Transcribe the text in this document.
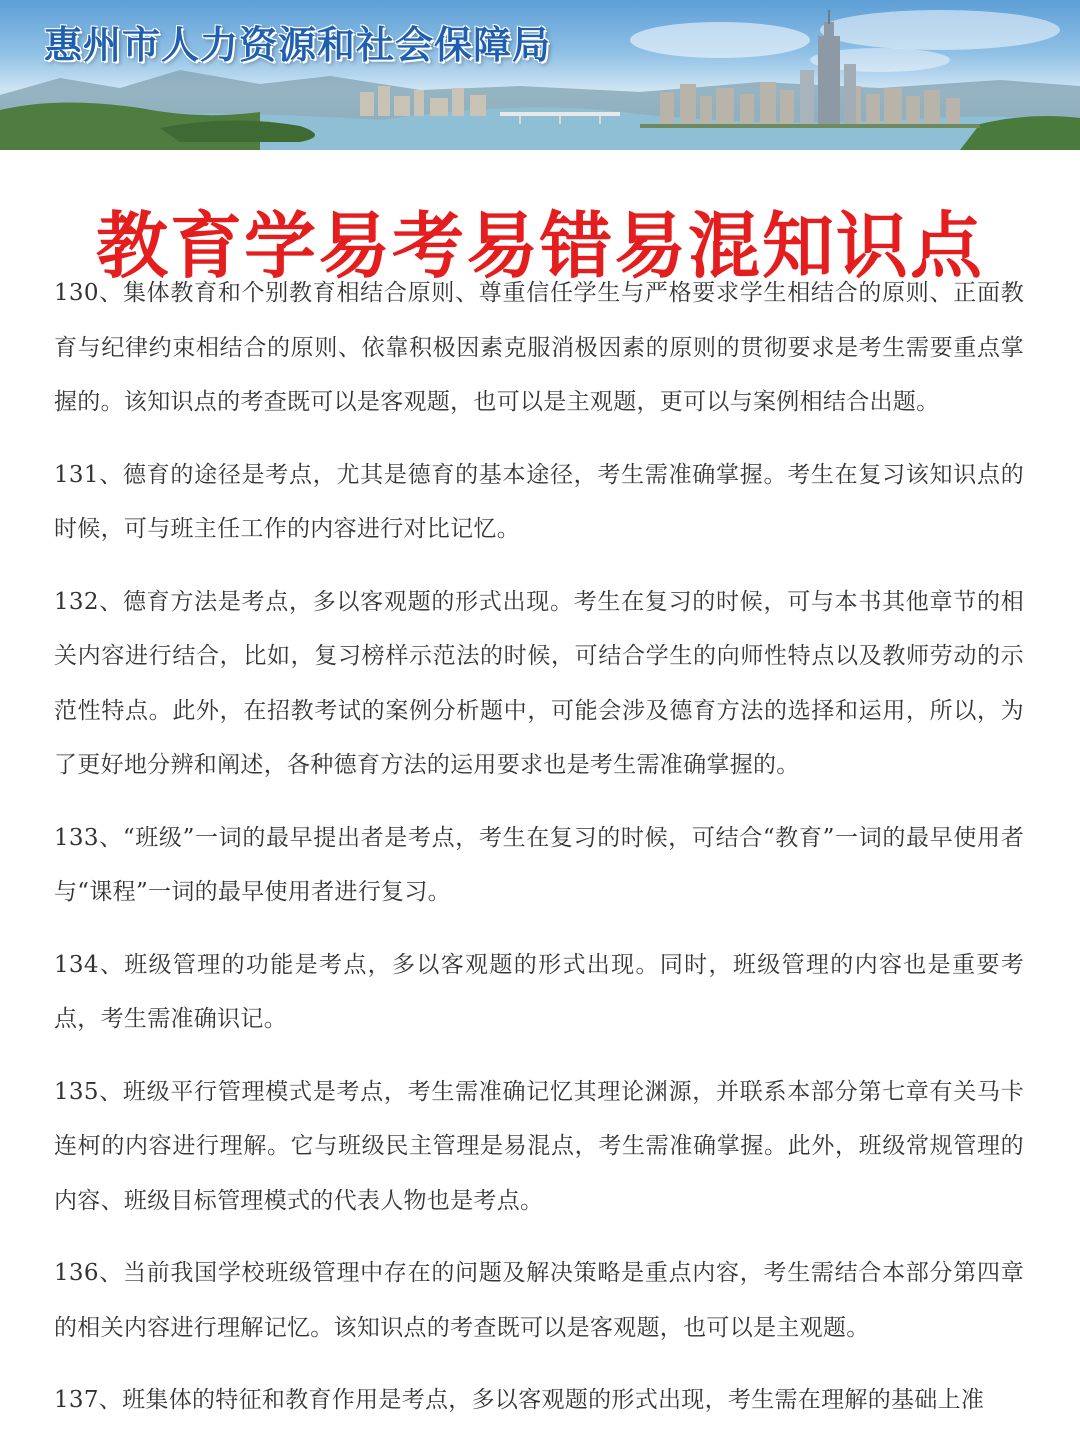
惠州市人力资源和社会保障局
教育学易考易错易混知识点

130、集体教育和个别教育相结合原则、尊重信任学生与严格要求学生相结合的原则、正面教育与纪律约束相结合的原则、依靠积极因素克服消极因素的原则的贯彻要求是考生需要重点掌握的。该知识点的考查既可以是客观题，也可以是主观题，更可以与案例相结合出题。

131、德育的途径是考点，尤其是德育的基本途径，考生需准确掌握。考生在复习该知识点的时候，可与班主任工作的内容进行对比记忆。

132、德育方法是考点，多以客观题的形式出现。考生在复习的时候，可与本书其他章节的相关内容进行结合，比如，复习榜样示范法的时候，可结合学生的向师性特点以及教师劳动的示范性特点。此外，在招教考试的案例分析题中，可能会涉及德育方法的选择和运用，所以，为了更好地分辨和阐述，各种德育方法的运用要求也是考生需准确掌握的。

133、“班级”一词的最早提出者是考点，考生在复习的时候，可结合“教育”一词的最早使用者与“课程”一词的最早使用者进行复习。

134、班级管理的功能是考点，多以客观题的形式出现。同时，班级管理的内容也是重要考点，考生需准确识记。

135、班级平行管理模式是考点，考生需准确记忆其理论渊源，并联系本部分第七章有关马卡连柯的内容进行理解。它与班级民主管理是易混点，考生需准确掌握。此外，班级常规管理的内容、班级目标管理模式的代表人物也是考点。

136、当前我国学校班级管理中存在的问题及解决策略是重点内容，考生需结合本部分第四章的相关内容进行理解记忆。该知识点的考查既可以是客观题，也可以是主观题。

137、班集体的特征和教育作用是考点，多以客观题的形式出现，考生需在理解的基础上准
